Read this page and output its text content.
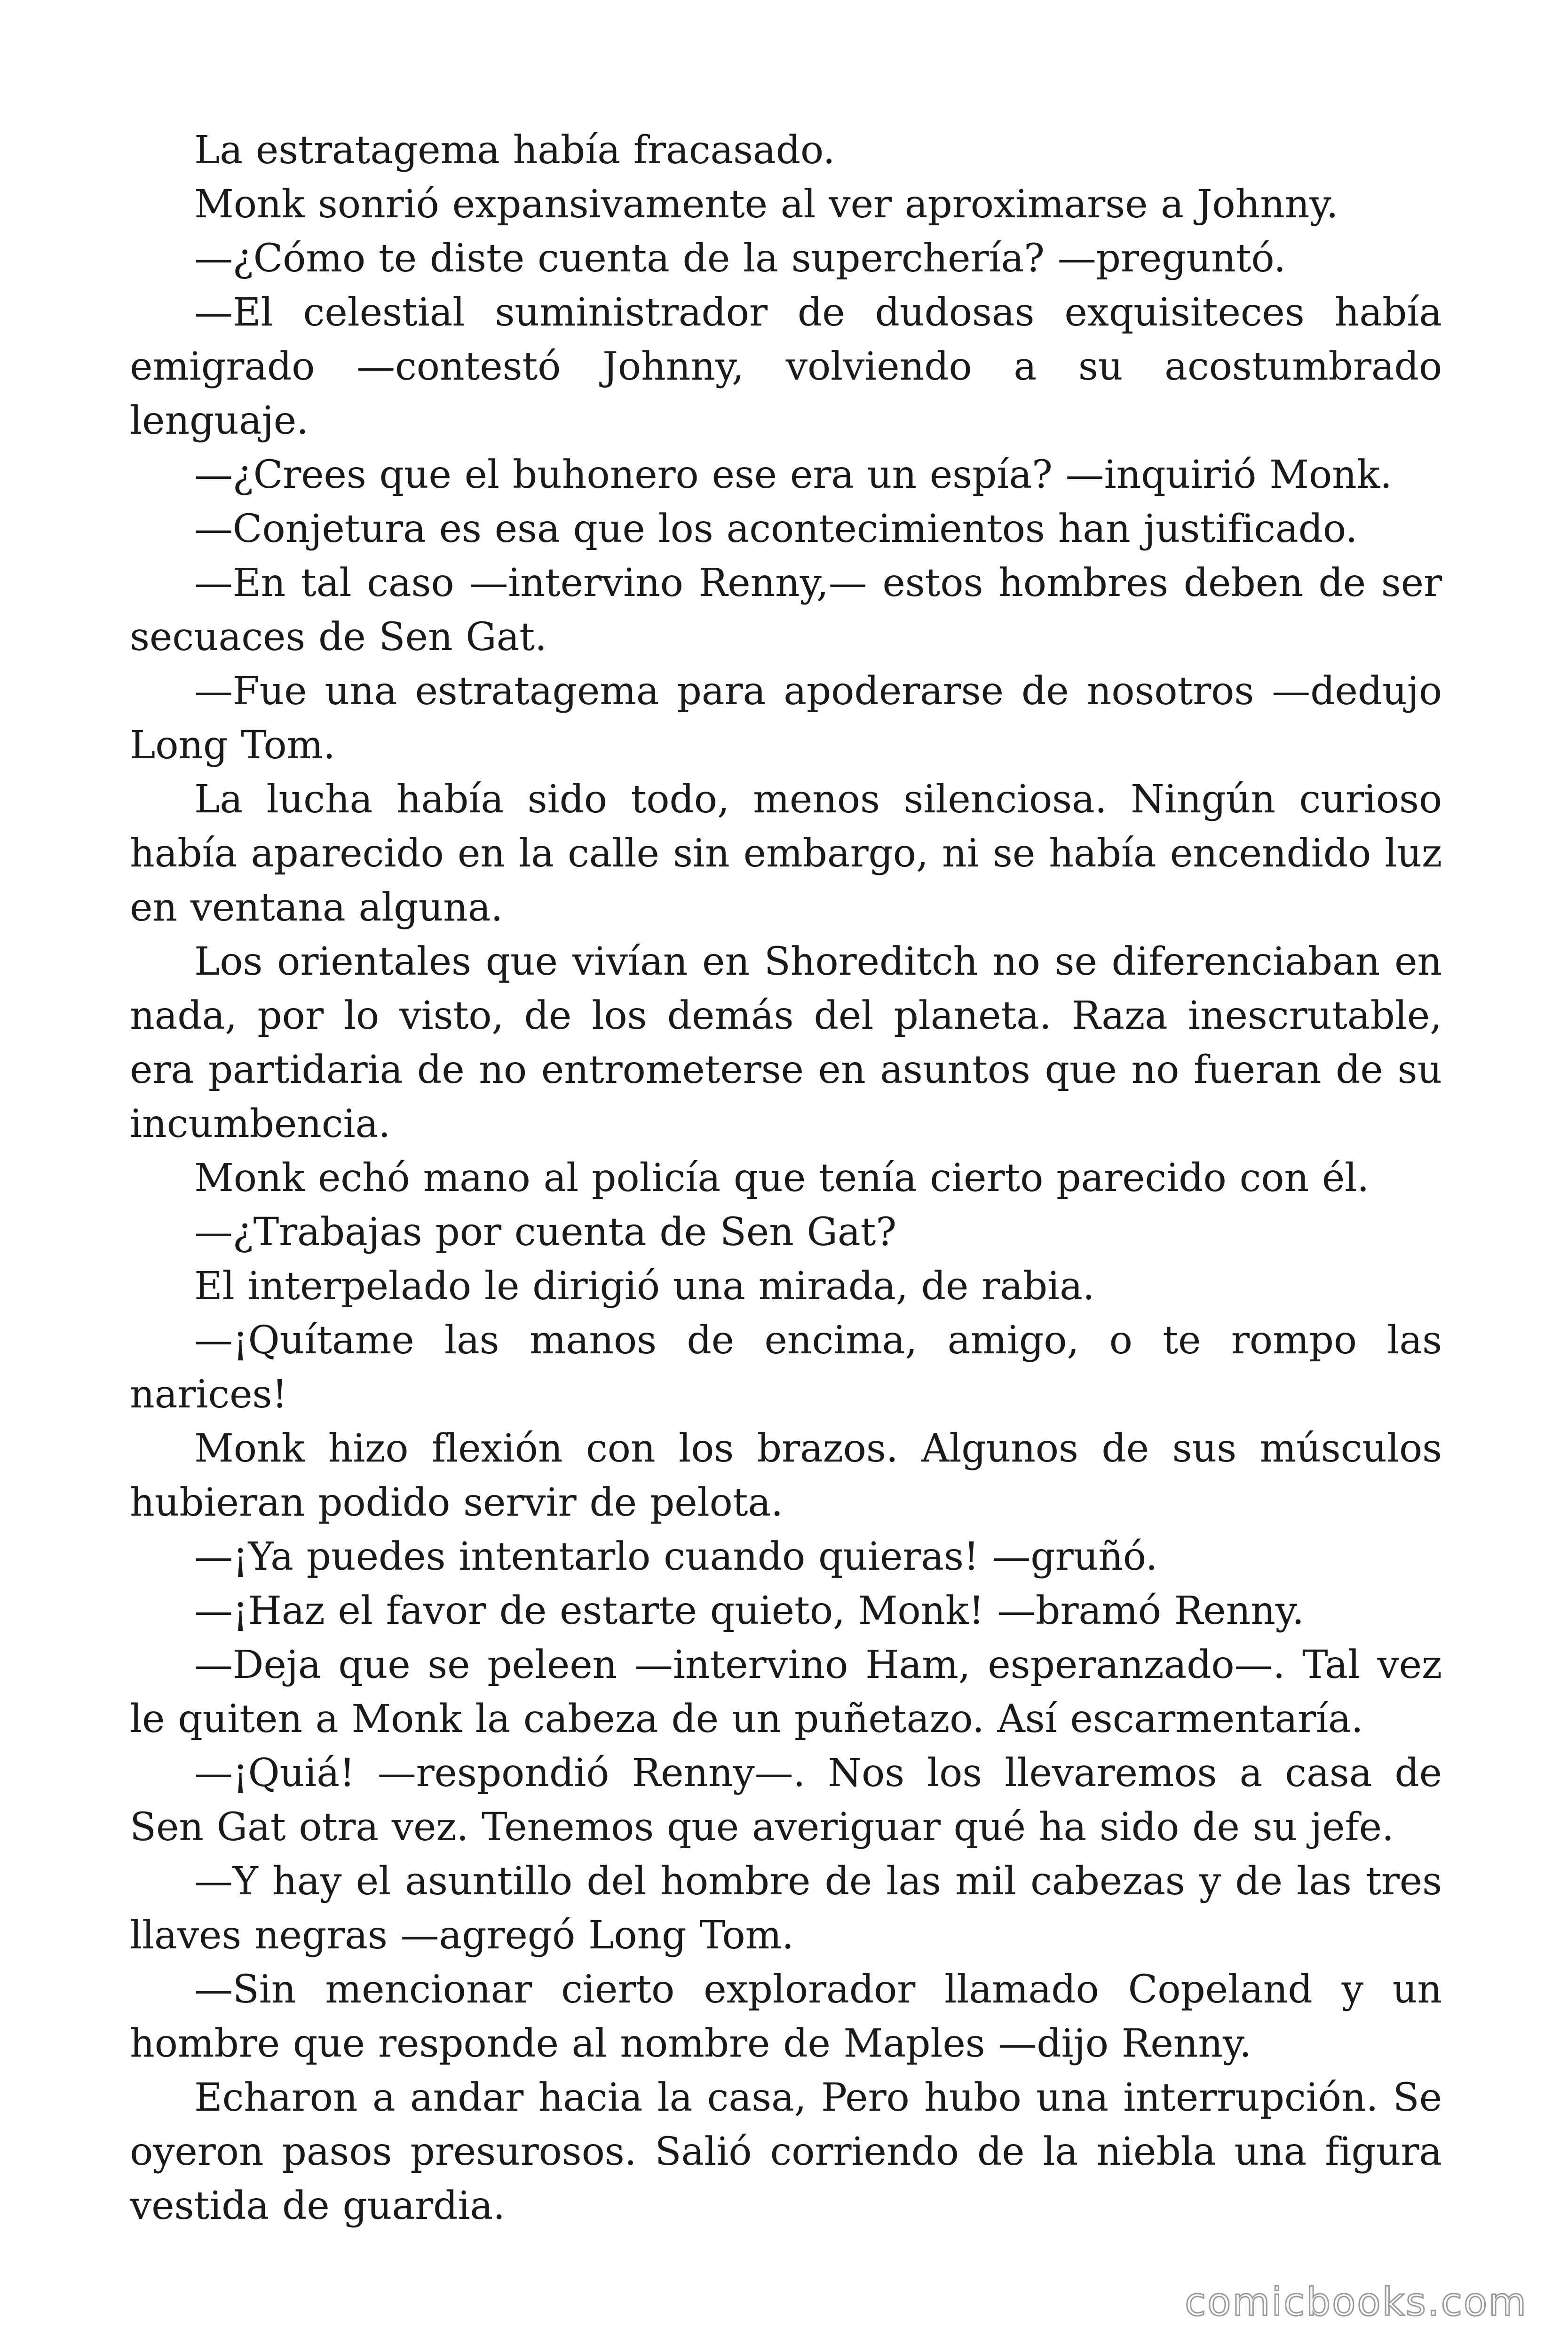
La estratagema había fracasado.

Monk sonrió expansivamente al ver aproximarse a Johnny.

—¿Cómo te diste cuenta de la superchería? —preguntó.

—El celestial suministrador de dudosas exquisiteces había emigrado —contestó Johnny, volviendo a su acostumbrado lenguaje.

—¿Crees que el buhonero ese era un espía? —inquirió Monk.

—Conjetura es esa que los acontecimientos han justificado.

—En tal caso —intervino Renny,— estos hombres deben de ser secuaces de Sen Gat.

—Fue una estratagema para apoderarse de nosotros —dedujo Long Tom.

La lucha había sido todo, menos silenciosa. Ningún curioso había aparecido en la calle sin embargo, ni se había encendido luz en ventana alguna.

Los orientales que vivían en Shoreditch no se diferenciaban en nada, por lo visto, de los demás del planeta. Raza inescrutable, era partidaria de no entrometerse en asuntos que no fueran de su incumbencia.

Monk echó mano al policía que tenía cierto parecido con él.

—¿Trabajas por cuenta de Sen Gat?

El interpelado le dirigió una mirada, de rabia.

—¡Quítame las manos de encima, amigo, o te rompo las narices!

Monk hizo flexión con los brazos. Algunos de sus músculos hubieran podido servir de pelota.

—¡Ya puedes intentarlo cuando quieras! —gruñó.

—¡Haz el favor de estarte quieto, Monk! —bramó Renny.

—Deja que se peleen —intervino Ham, esperanzado—. Tal vez le quiten a Monk la cabeza de un puñetazo. Así escarmentaría.

—¡Quiá! —respondió Renny—. Nos los llevaremos a casa de Sen Gat otra vez. Tenemos que averiguar qué ha sido de su jefe.

—Y hay el asuntillo del hombre de las mil cabezas y de las tres llaves negras —agregó Long Tom.

—Sin mencionar cierto explorador llamado Copeland y un hombre que responde al nombre de Maples —dijo Renny.

Echaron a andar hacia la casa, Pero hubo una interrupción. Se oyeron pasos presurosos. Salió corriendo de la niebla una figura vestida de guardia.

comicbooks.com
